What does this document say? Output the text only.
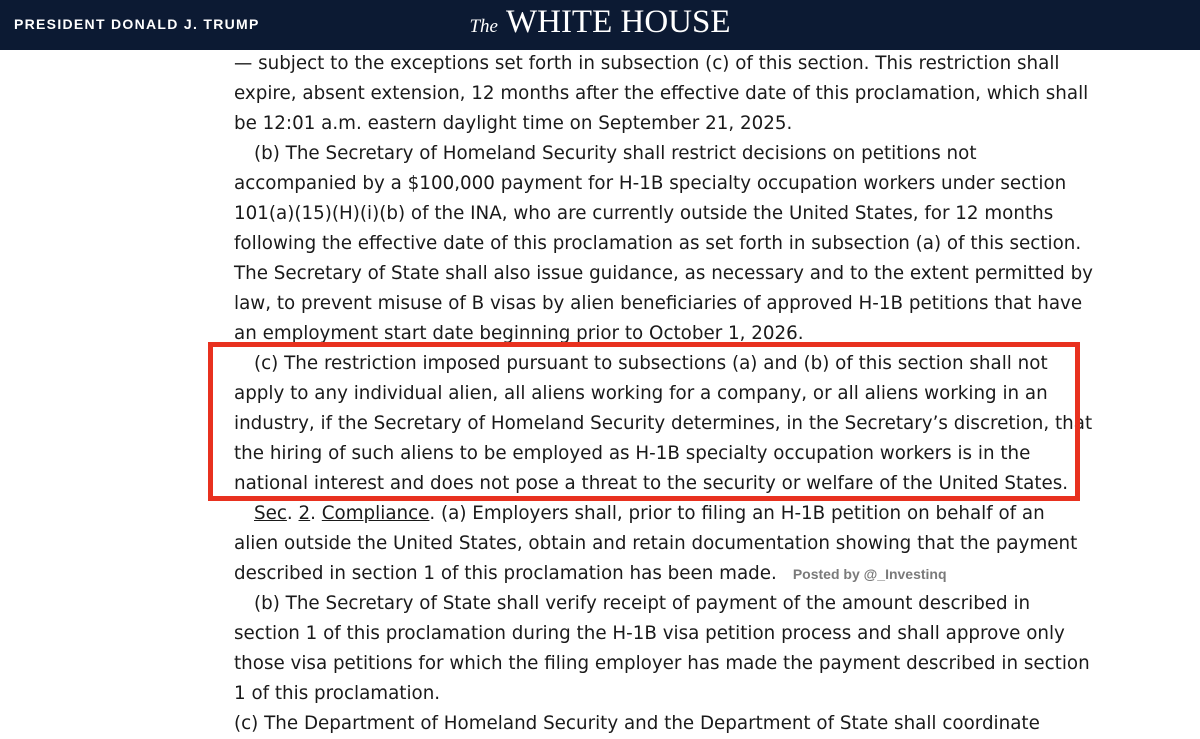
PRESIDENT DONALD J. TRUMP	The WHITE HOUSE
— subject to the exceptions set forth in subsection (c) of this section. This restriction shall
expire, absent extension, 12 months after the effective date of this proclamation, which shall
be 12:01 a.m. eastern daylight time on September 21, 2025.
(b) The Secretary of Homeland Security shall restrict decisions on petitions not
accompanied by a $100,000 payment for H-1B specialty occupation workers under section
101(a)(15)(H)(i)(b) of the INA, who are currently outside the United States, for 12 months
following the effective date of this proclamation as set forth in subsection (a) of this section.
The Secretary of State shall also issue guidance, as necessary and to the extent permitted by
law, to prevent misuse of B visas by alien beneficiaries of approved H-1B petitions that have
an employment start date beginning prior to October 1, 2026.
(c) The restriction imposed pursuant to subsections (a) and (b) of this section shall not
apply to any individual alien, all aliens working for a company, or all aliens working in an
industry, if the Secretary of Homeland Security determines, in the Secretary’s discretion, that
the hiring of such aliens to be employed as H-1B specialty occupation workers is in the
national interest and does not pose a threat to the security or welfare of the United States.
Sec. 2. Compliance. (a) Employers shall, prior to filing an H-1B petition on behalf of an
alien outside the United States, obtain and retain documentation showing that the payment
described in section 1 of this proclamation has been made. Posted by @_Investinq
(b) The Secretary of State shall verify receipt of payment of the amount described in
section 1 of this proclamation during the H-1B visa petition process and shall approve only
those visa petitions for which the filing employer has made the payment described in section
1 of this proclamation.
(c) The Department of Homeland Security and the Department of State shall coordinate
